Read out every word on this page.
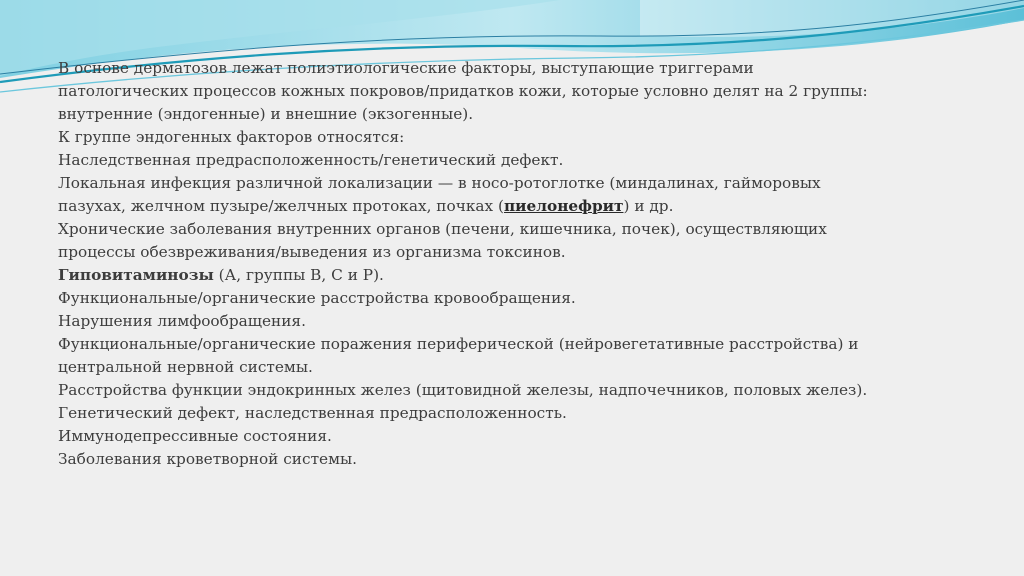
В основе дерматозов лежат полиэтиологические факторы, выступающие триггерами
патологических процессов кожных покровов/придатков кожи, которые условно делят на 2 группы:
внутренние (эндогенные) и внешние (экзогенные).
К группе эндогенных факторов относятся:
Наследственная предрасположенность/генетический дефект.
Локальная инфекция различной локализации — в носо-ротоглотке (миндалинах, гайморовых
пазухах, желчном пузыре/желчных протоках, почках (пиелонефрит) и др.
Хронические заболевания внутренних органов (печени, кишечника, почек), осуществляющих
процессы обезвреживания/выведения из организма токсинов.
Гиповитаминозы (А, группы В, С и Р).
Функциональные/органические расстройства кровообращения.
Нарушения лимфообращения.
Функциональные/органические поражения периферической (нейровегетативные расстройства) и
центральной нервной системы.
Расстройства функции эндокринных желез (щитовидной железы, надпочечников, половых желез).
Генетический дефект, наследственная предрасположенность.
Иммунодепрессивные состояния.
Заболевания кроветворной системы.
